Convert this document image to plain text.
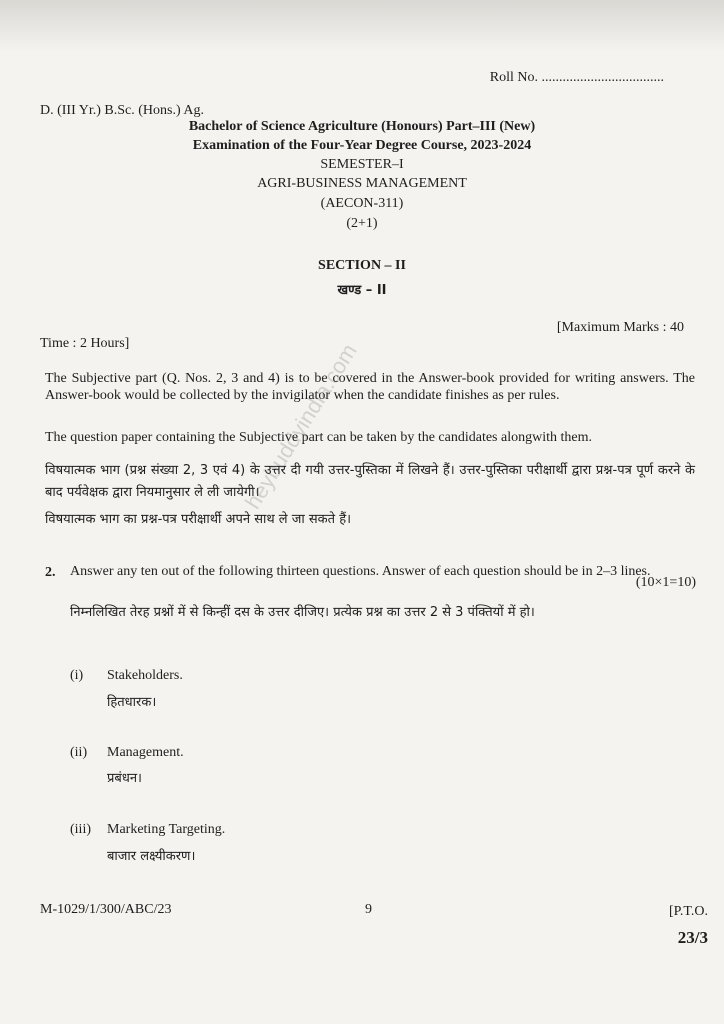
Roll No. ...................................
D. (III Yr.) B.Sc. (Hons.) Ag.
Bachelor of Science Agriculture (Honours) Part–III (New)
Examination of the Four-Year Degree Course, 2023-2024
SEMESTER–I
AGRI-BUSINESS MANAGEMENT
(AECON-311)
(2+1)
SECTION – II
खण्ड – II
[Maximum Marks : 40
Time : 2 Hours]
The Subjective part (Q. Nos. 2, 3 and 4) is to be covered in the Answer-book provided for writing answers. The Answer-book would be collected by the invigilator when the candidate finishes as per rules.
The question paper containing the Subjective part can be taken by the candidates alongwith them.
विषयात्मक भाग (प्रश्न संख्या 2, 3 एवं 4) के उत्तर दी गयी उत्तर-पुस्तिका में लिखने हैं। उत्तर-पुस्तिका परीक्षार्थी द्वारा प्रश्न-पत्र पूर्ण करने के बाद पर्यवेक्षक द्वारा नियमानुसार ले ली जायेगी।
विषयात्मक भाग का प्रश्न-पत्र परीक्षार्थी अपने साथ ले जा सकते हैं।
2. Answer any ten out of the following thirteen questions. Answer of each question should be in 2–3 lines.
(10×1=10)
निम्नलिखित तेरह प्रश्नों में से किन्हीं दस के उत्तर दीजिए। प्रत्येक प्रश्न का उत्तर 2 से 3 पंक्तियों में हो।
(i) Stakeholders.
हितधारक।
(ii) Management.
प्रबंधन।
(iii) Marketing Targeting.
बाजार लक्ष्यीकरण।
M-1029/1/300/ABC/23	9	[P.T.O.
23/3
heybuddyindia.com
